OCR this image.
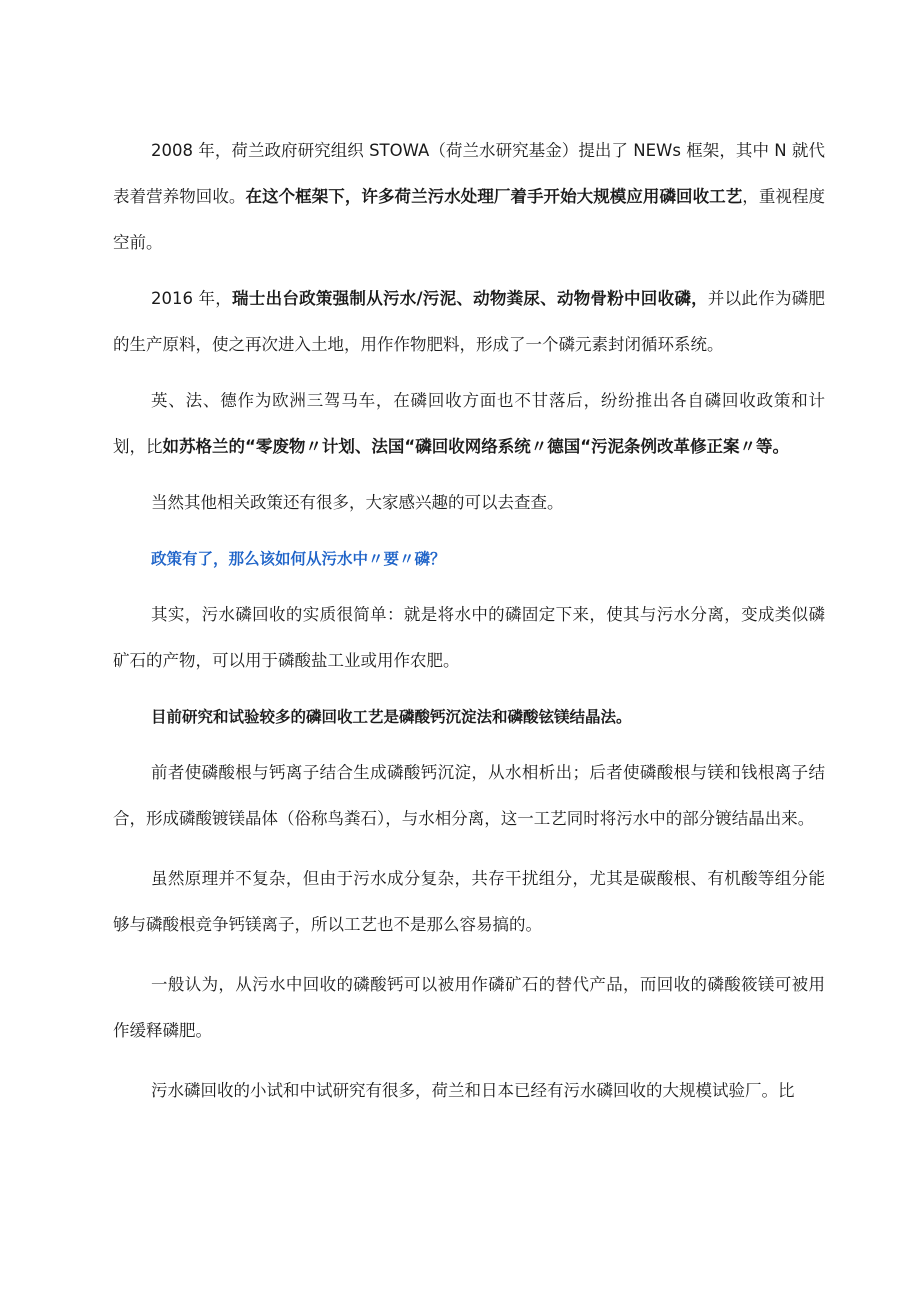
2008 年，荷兰政府研究组织 STOWA（荷兰水研究基金）提出了 NEWs 框架，其中 N 就代表着营养物回收。在这个框架下，许多荷兰污水处理厂着手开始大规模应用磷回收工艺，重视程度空前。

2016 年，瑞士出台政策强制从污水/污泥、动物粪尿、动物骨粉中回收磷，并以此作为磷肥的生产原料，使之再次进入土地，用作作物肥料，形成了一个磷元素封闭循环系统。

英、法、德作为欧洲三驾马车，在磷回收方面也不甘落后，纷纷推出各自磷回收政策和计划，比如苏格兰的“零废物〃计划、法国“磷回收网络系统〃德国“污泥条例改革修正案〃等。

当然其他相关政策还有很多，大家感兴趣的可以去查查。

政策有了，那么该如何从污水中〃要〃磷？

其实，污水磷回收的实质很简单：就是将水中的磷固定下来，使其与污水分离，变成类似磷矿石的产物，可以用于磷酸盐工业或用作农肥。

目前研究和试验较多的磷回收工艺是磷酸钙沉淀法和磷酸铉镁结晶法。

前者使磷酸根与钙离子结合生成磷酸钙沉淀，从水相析出；后者使磷酸根与镁和钱根离子结合，形成磷酸镀镁晶体（俗称鸟粪石），与水相分离，这一工艺同时将污水中的部分镀结晶出来。

虽然原理并不复杂，但由于污水成分复杂，共存干扰组分，尤其是碳酸根、有机酸等组分能够与磷酸根竞争钙镁离子，所以工艺也不是那么容易搞的。

一般认为，从污水中回收的磷酸钙可以被用作磷矿石的替代产品，而回收的磷酸筱镁可被用作缓释磷肥。

污水磷回收的小试和中试研究有很多，荷兰和日本已经有污水磷回收的大规模试验厂。比
